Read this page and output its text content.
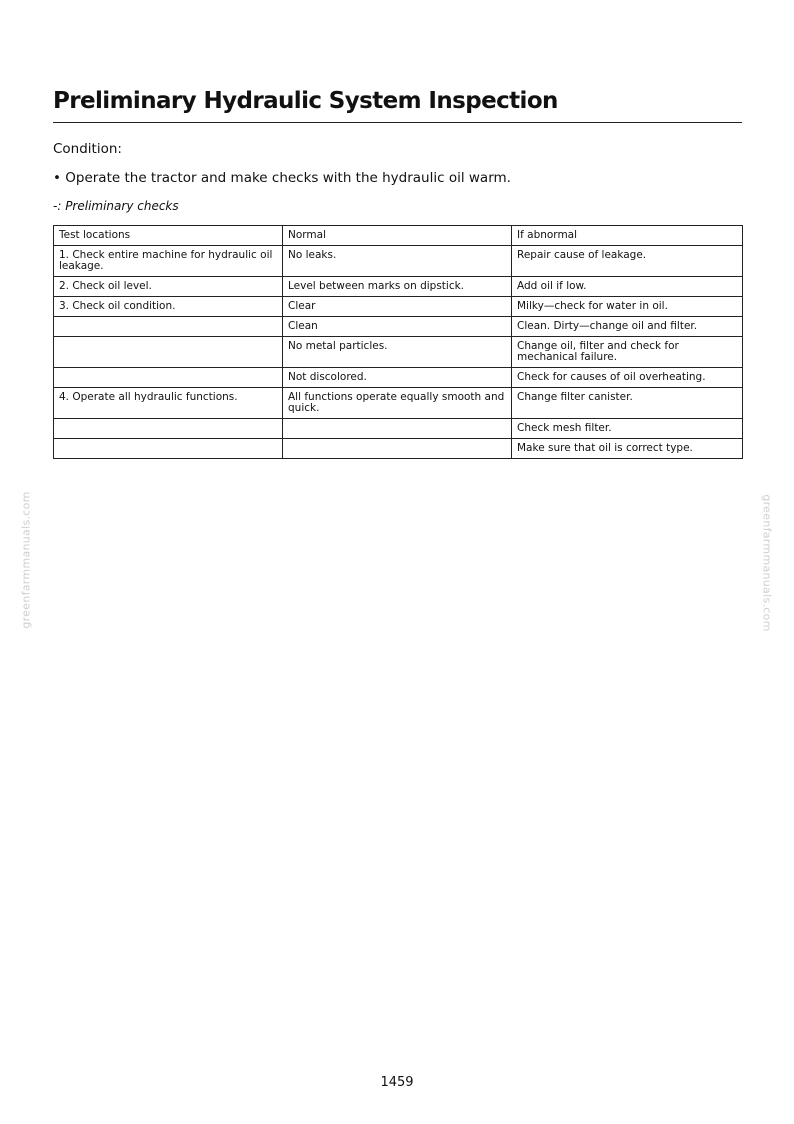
Preliminary Hydraulic System Inspection

Condition:

• Operate the tractor and make checks with the hydraulic oil warm.

-: Preliminary checks

Test locations	Normal	If abnormal
1. Check entire machine for hydraulic oil leakage.	No leaks.	Repair cause of leakage.
2. Check oil level.	Level between marks on dipstick.	Add oil if low.
3. Check oil condition.	Clear	Milky—check for water in oil.
	Clean	Clean. Dirty—change oil and filter.
	No metal particles.	Change oil, filter and check for mechanical failure.
	Not discolored.	Check for causes of oil overheating.
4. Operate all hydraulic functions.	All functions operate equally smooth and quick.	Change filter canister.
		Check mesh filter.
		Make sure that oil is correct type.
greenfarmmanuals.com	greenfarmmanuals.com
1459
